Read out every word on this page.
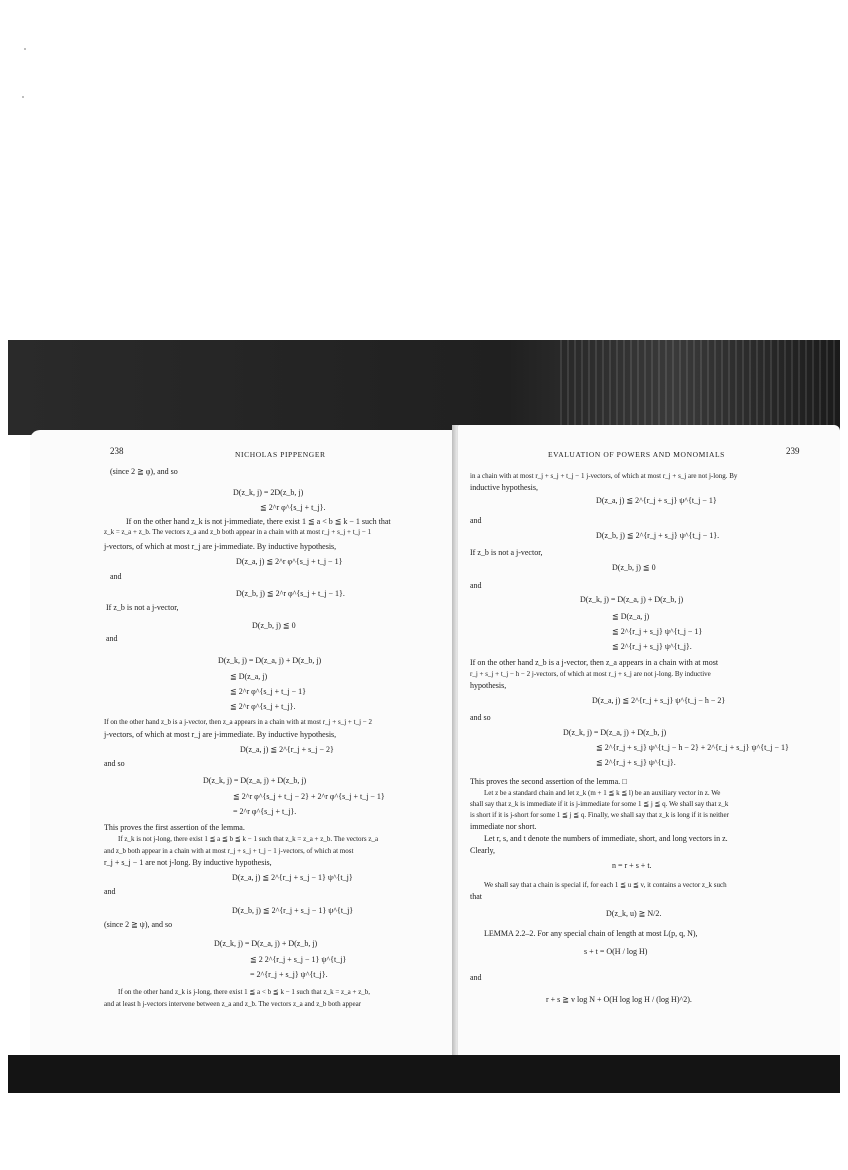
238	NICHOLAS PIPPENGER
(since 2 ≧ φ), and so
D(z_k, j) = 2D(z_b, j)
≦ 2^r φ^{s_j + t_j}.
If on the other hand z_k is not j-immediate, there exist 1 ≦ a < b ≦ k − 1 such that
z_k = z_a + z_b. The vectors z_a and z_b both appear in a chain with at most r_j + s_j + t_j − 1
j-vectors, of which at most r_j are j-immediate. By inductive hypothesis,
D(z_a, j) ≦ 2^r φ^{s_j + t_j − 1}
and
D(z_b, j) ≦ 2^r φ^{s_j + t_j − 1}.
If z_b is not a j-vector,
D(z_b, j) ≦ 0
and
D(z_k, j) = D(z_a, j) + D(z_b, j)
≦ D(z_a, j)
≦ 2^r φ^{s_j + t_j − 1}
≦ 2^r φ^{s_j + t_j}.
If on the other hand z_b is a j-vector, then z_a appears in a chain with at most r_j + s_j + t_j − 2
j-vectors, of which at most r_j are j-immediate. By inductive hypothesis,
D(z_a, j) ≦ 2^{r_j + s_j − 2}
and so
D(z_k, j) = D(z_a, j) + D(z_b, j)
≦ 2^r φ^{s_j + t_j − 2} + 2^r φ^{s_j + t_j − 1}
= 2^r φ^{s_j + t_j}.
This proves the first assertion of the lemma.
If z_k is not j-long, there exist 1 ≦ a ≦ b ≦ k − 1 such that z_k = z_a + z_b. The vectors z_a
and z_b both appear in a chain with at most r_j + s_j + t_j − 1 j-vectors, of which at most
r_j + s_j − 1 are not j-long. By inductive hypothesis,
D(z_a, j) ≦ 2^{r_j + s_j − 1} ψ^{t_j}
and
D(z_b, j) ≦ 2^{r_j + s_j − 1} ψ^{t_j}
(since 2 ≧ ψ), and so
D(z_k, j) = D(z_a, j) + D(z_b, j)
≦ 2 2^{r_j + s_j − 1} ψ^{t_j}
= 2^{r_j + s_j} ψ^{t_j}.
If on the other hand z_k is j-long, there exist 1 ≦ a < b ≦ k − 1 such that z_k = z_a + z_b,
and at least h j-vectors intervene between z_a and z_b. The vectors z_a and z_b both appear
EVALUATION OF POWERS AND MONOMIALS	239
in a chain with at most r_j + s_j + t_j − 1 j-vectors, of which at most r_j + s_j are not j-long. By
inductive hypothesis,
D(z_a, j) ≦ 2^{r_j + s_j} ψ^{t_j − 1}
and
D(z_b, j) ≦ 2^{r_j + s_j} ψ^{t_j − 1}.
If z_b is not a j-vector,
D(z_b, j) ≦ 0
and
D(z_k, j) = D(z_a, j) + D(z_b, j)
≦ D(z_a, j)
≦ 2^{r_j + s_j} ψ^{t_j − 1}
≦ 2^{r_j + s_j} ψ^{t_j}.
If on the other hand z_b is a j-vector, then z_a appears in a chain with at most
r_j + s_j + t_j − h − 2 j-vectors, of which at most r_j + s_j are not j-long. By inductive
hypothesis,
D(z_a, j) ≦ 2^{r_j + s_j} ψ^{t_j − h − 2}
and so
D(z_k, j) = D(z_a, j) + D(z_b, j)
≦ 2^{r_j + s_j} ψ^{t_j − h − 2} + 2^{r_j + s_j} ψ^{t_j − 1}
≦ 2^{r_j + s_j} ψ^{t_j}.
This proves the second assertion of the lemma. □
Let z be a standard chain and let z_k (m + 1 ≦ k ≦ l) be an auxiliary vector in z. We
shall say that z_k is immediate if it is j-immediate for some 1 ≦ j ≦ q. We shall say that z_k
is short if it is j-short for some 1 ≦ j ≦ q. Finally, we shall say that z_k is long if it is neither
immediate nor short.
Let r, s, and t denote the numbers of immediate, short, and long vectors in z.
Clearly,
n = r + s + t.
We shall say that a chain is special if, for each 1 ≦ u ≦ v, it contains a vector z_k such
that
D(z_k, u) ≧ N/2.
LEMMA 2.2–2. For any special chain of length at most L(p, q, N),
s + t = O(H / log H)
and
r + s ≧ v log N + O(H log log H / (log H)^2).
